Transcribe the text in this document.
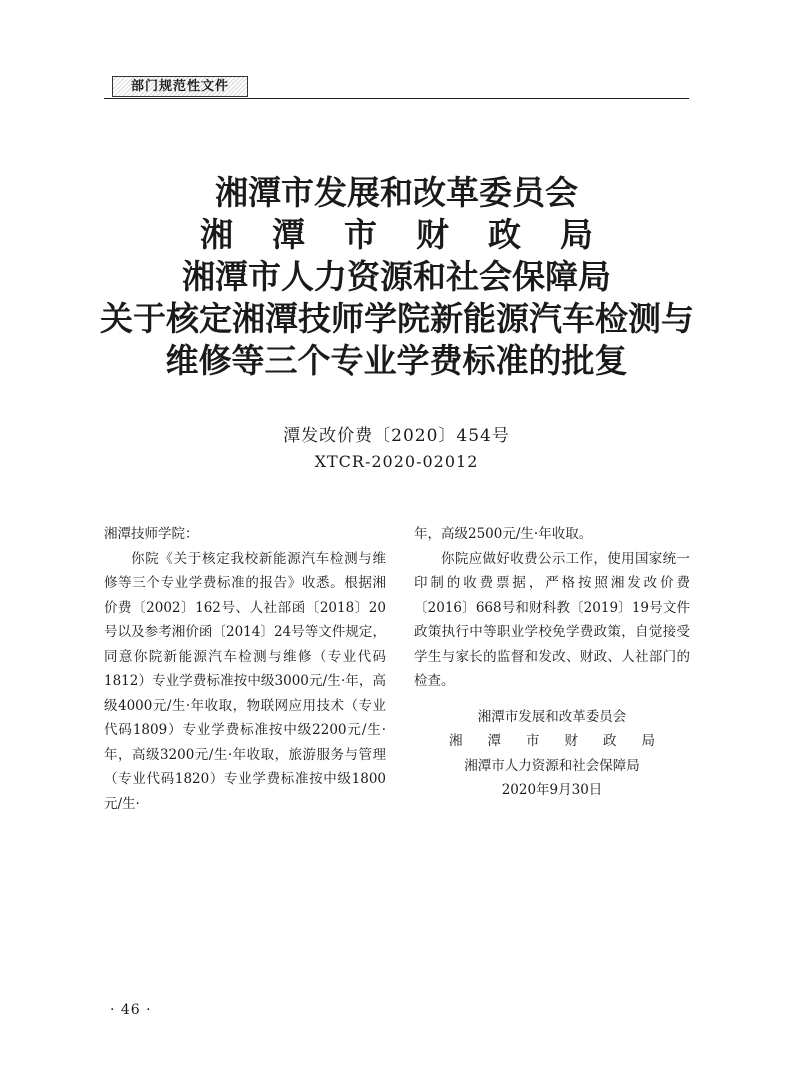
部门规范性文件
湘潭市发展和改革委员会
湘 潭 市 财 政 局
湘潭市人力资源和社会保障局
关于核定湘潭技师学院新能源汽车检测与
维修等三个专业学费标准的批复
潭发改价费〔2020〕454号
XTCR-2020-02012

湘潭技师学院：

你院《关于核定我校新能源汽车检测与维修等三个专业学费标准的报告》收悉。根据湘价费〔2002〕162号、人社部函〔2018〕20号以及参考湘价函〔2014〕24号等文件规定，同意你院新能源汽车检测与维修（专业代码1812）专业学费标准按中级3000元/生·年，高级4000元/生·年收取，物联网应用技术（专业代码1809）专业学费标准按中级2200元/生·年，高级3200元/生·年收取，旅游服务与管理（专业代码1820）专业学费标准按中级1800元/生·

年，高级2500元/生·年收取。

你院应做好收费公示工作，使用国家统一印制的收费票据，严格按照湘发改价费〔2016〕668号和财科教〔2019〕19号文件政策执行中等职业学校免学费政策，自觉接受学生与家长的监督和发改、财政、人社部门的检查。

湘潭市发展和改革委员会
湘 潭 市 财 政 局
湘潭市人力资源和社会保障局
2020年9月30日
· 46 ·
